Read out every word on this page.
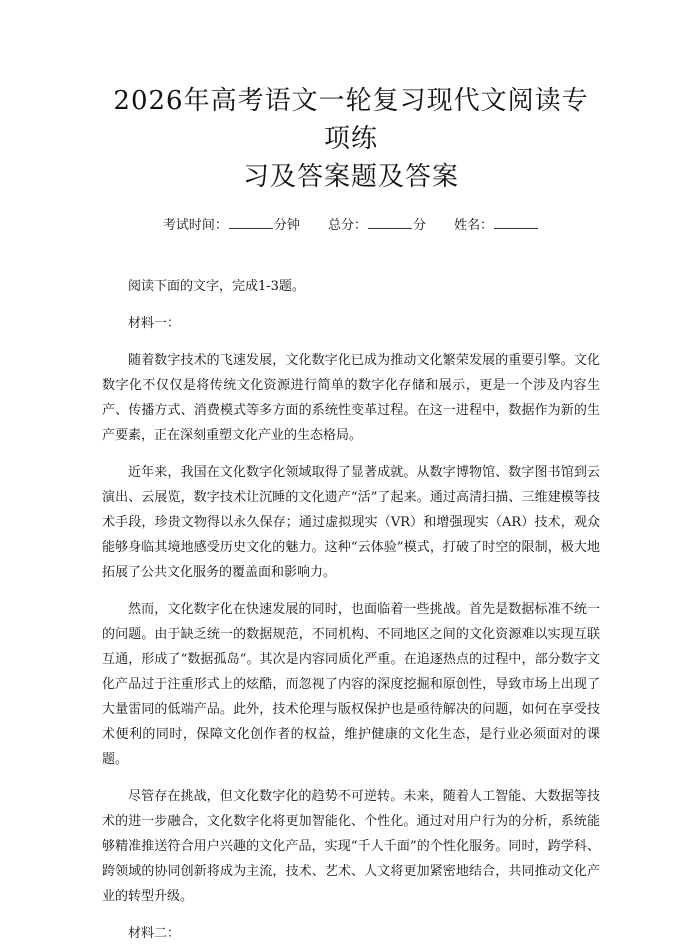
2026年高考语文一轮复习现代文阅读专项练
习及答案题及答案
考试时间：	分钟 总分：	分 姓名：

阅读下面的文字，完成1-3题。

材料一：

随着数字技术的飞速发展，文化数字化已成为推动文化繁荣发展的重要引擎。文化数字化不仅仅是将传统文化资源进行简单的数字化存储和展示，更是一个涉及内容生产、传播方式、消费模式等多方面的系统性变革过程。在这一进程中，数据作为新的生产要素，正在深刻重塑文化产业的生态格局。

近年来，我国在文化数字化领域取得了显著成就。从数字博物馆、数字图书馆到云演出、云展览，数字技术让沉睡的文化遗产“活”了起来。通过高清扫描、三维建模等技术手段，珍贵文物得以永久保存；通过虚拟现实（VR）和增强现实（AR）技术，观众能够身临其境地感受历史文化的魅力。这种“云体验”模式，打破了时空的限制，极大地拓展了公共文化服务的覆盖面和影响力。

然而，文化数字化在快速发展的同时，也面临着一些挑战。首先是数据标准不统一的问题。由于缺乏统一的数据规范，不同机构、不同地区之间的文化资源难以实现互联互通，形成了“数据孤岛”。其次是内容同质化严重。在追逐热点的过程中，部分数字文化产品过于注重形式上的炫酷，而忽视了内容的深度挖掘和原创性，导致市场上出现了大量雷同的低端产品。此外，技术伦理与版权保护也是亟待解决的问题，如何在享受技术便利的同时，保障文化创作者的权益，维护健康的文化生态，是行业必须面对的课题。

尽管存在挑战，但文化数字化的趋势不可逆转。未来，随着人工智能、大数据等技术的进一步融合，文化数字化将更加智能化、个性化。通过对用户行为的分析，系统能够精准推送符合用户兴趣的文化产品，实现“千人千面”的个性化服务。同时，跨学科、跨领域的协同创新将成为主流，技术、艺术、人文将更加紧密地结合，共同推动文化产业的转型升级。

材料二：
